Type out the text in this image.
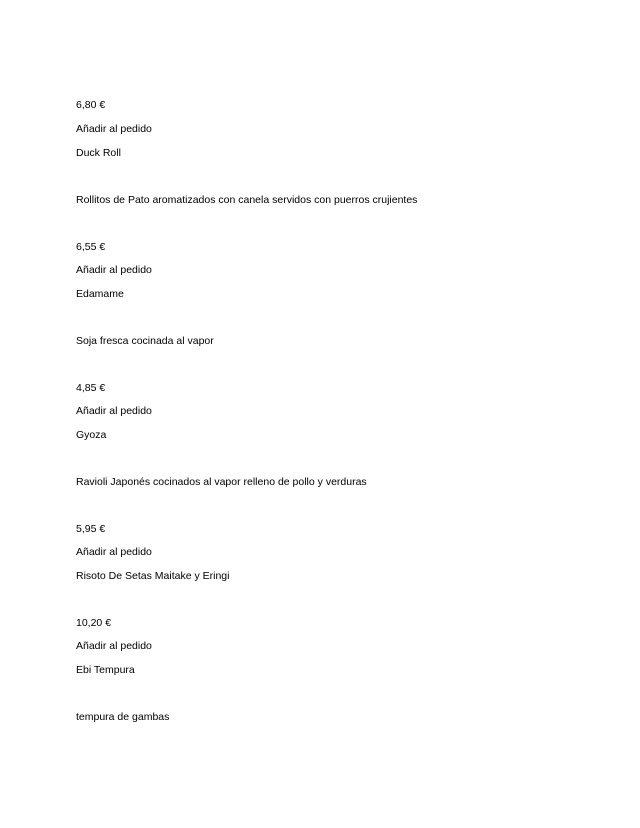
6,80 €
Añadir al pedido
Duck Roll
Rollitos de Pato aromatizados con canela servidos con puerros crujientes
6,55 €
Añadir al pedido
Edamame
Soja fresca cocinada al vapor
4,85 €
Añadir al pedido
Gyoza
Ravioli Japonés cocinados al vapor relleno de pollo y verduras
5,95 €
Añadir al pedido
Risoto De Setas Maitake y Eringi
10,20 €
Añadir al pedido
Ebi Tempura
tempura de gambas
